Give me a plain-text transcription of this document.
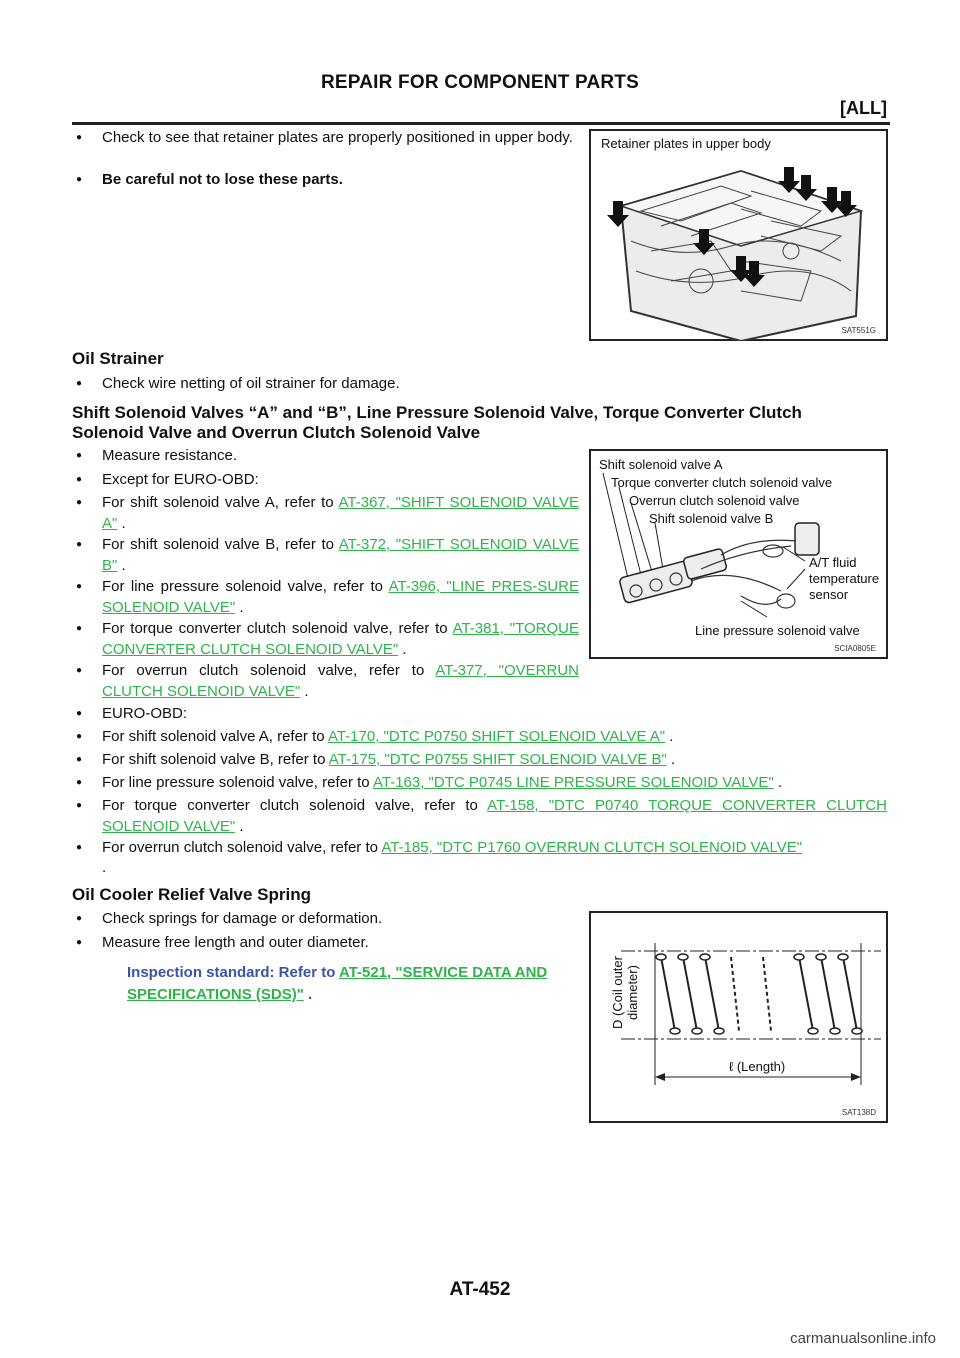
REPAIR FOR COMPONENT PARTS
[ALL]
● Check to see that retainer plates are properly positioned in upper body.
● Be careful not to lose these parts.
Retainer plates in upper body
SAT551G
Oil Strainer
● Check wire netting of oil strainer for damage.
Shift Solenoid Valves “A” and “B”, Line Pressure Solenoid Valve, Torque Converter Clutch
Solenoid Valve and Overrun Clutch Solenoid Valve
● Measure resistance.
● Except for EURO-OBD:
● For shift solenoid valve A, refer to AT-367, "SHIFT SOLENOID VALVE A" .
● For shift solenoid valve B, refer to AT-372, "SHIFT SOLENOID VALVE B" .
● For line pressure solenoid valve, refer to AT-396, "LINE PRES-SURE SOLENOID VALVE" .
● For torque converter clutch solenoid valve, refer to AT-381, "TORQUE CONVERTER CLUTCH SOLENOID VALVE" .
● For overrun clutch solenoid valve, refer to AT-377, "OVERRUN CLUTCH SOLENOID VALVE" .
Shift solenoid valve A
Torque converter clutch solenoid valve
Overrun clutch solenoid valve
Shift solenoid valve B
A/T fluid
temperature
sensor
Line pressure solenoid valve
SCIA0805E
● EURO-OBD:
● For shift solenoid valve A, refer to AT-170, "DTC P0750 SHIFT SOLENOID VALVE A" .
● For shift solenoid valve B, refer to AT-175, "DTC P0755 SHIFT SOLENOID VALVE B" .
● For line pressure solenoid valve, refer to AT-163, "DTC P0745 LINE PRESSURE SOLENOID VALVE" .
● For torque converter clutch solenoid valve, refer to AT-158, "DTC P0740 TORQUE CONVERTER CLUTCH SOLENOID VALVE" .
● For overrun clutch solenoid valve, refer to AT-185, "DTC P1760 OVERRUN CLUTCH SOLENOID VALVE"
.
Oil Cooler Relief Valve Spring
● Check springs for damage or deformation.
● Measure free length and outer diameter.
Inspection standard: Refer to AT-521, "SERVICE DATA AND SPECIFICATIONS (SDS)" .	D (Coil outer diameter)
ℓ (Length)
SAT138D
AT-452
carmanualsonline.info
